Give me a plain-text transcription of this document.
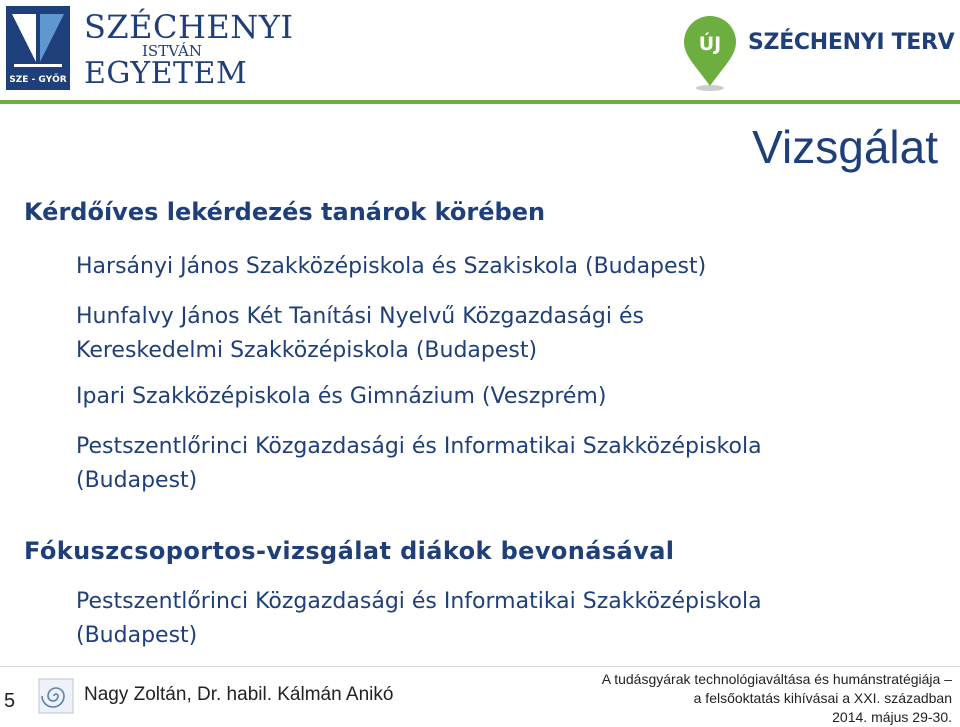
SZE - GYŐR
SZÉCHENYI
ISTVÁN
EGYETEM
ÚJ SZÉCHENYI TERV
Vizsgálat
Kérdőíves lekérdezés tanárok körében
Harsányi János Szakközépiskola és Szakiskola (Budapest)
Hunfalvy János Két Tanítási Nyelvű Közgazdasági és
Kereskedelmi Szakközépiskola (Budapest)
Ipari Szakközépiskola és Gimnázium (Veszprém)
Pestszentlőrinci Közgazdasági és Informatikai Szakközépiskola
(Budapest)
Fókuszcsoportos-vizsgálat diákok bevonásával
Pestszentlőrinci Közgazdasági és Informatikai Szakközépiskola
(Budapest)
5	Nagy Zoltán, Dr. habil. Kálmán Anikó
A tudásgyárak technológiaváltása és humánstratégiája –
a felsőoktatás kihívásai a XXI. században
2014. május 29-30.
